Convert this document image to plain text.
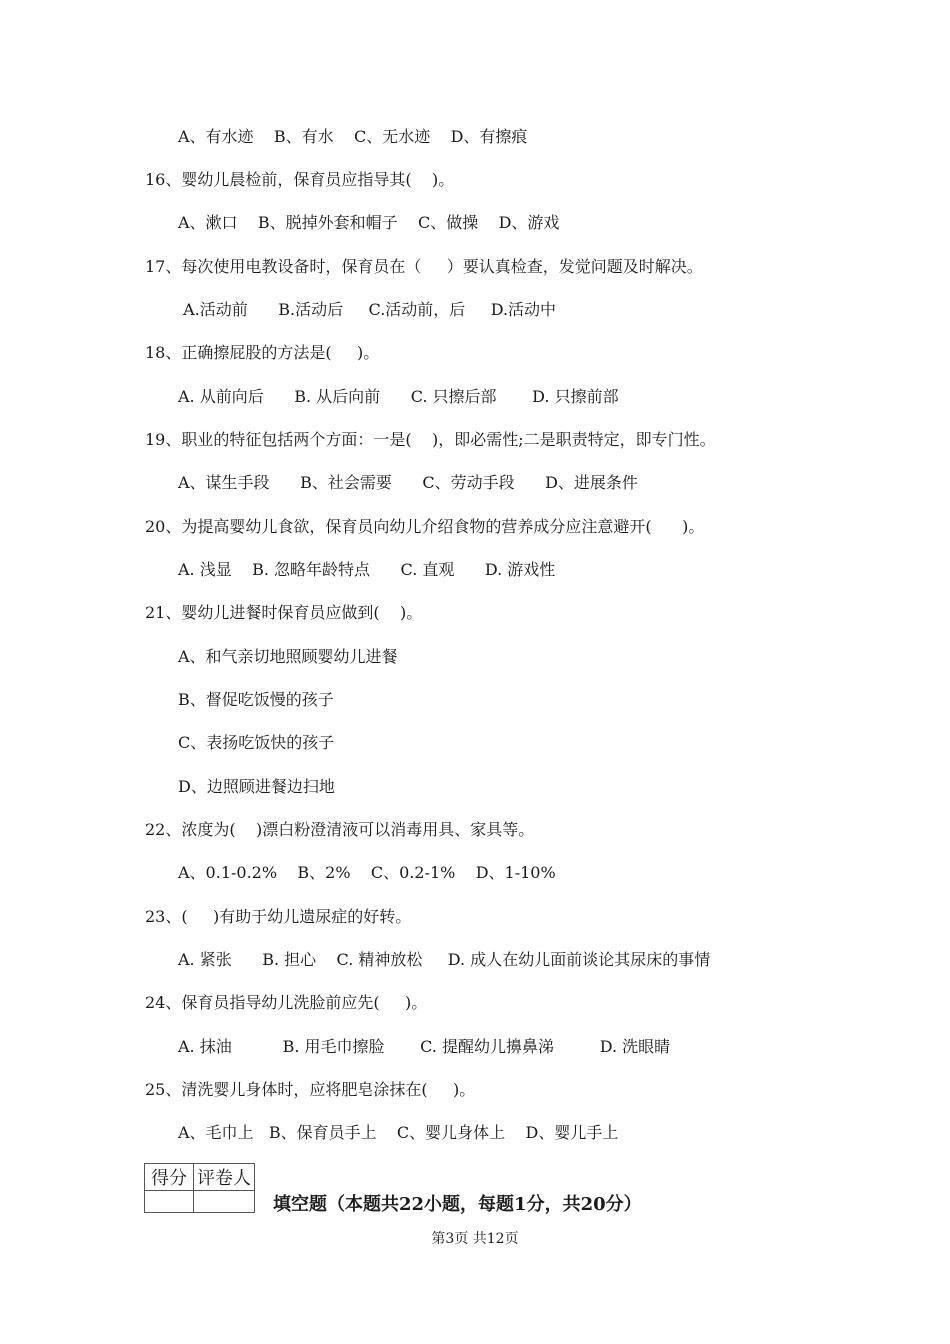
A、有水迹    B、有水    C、无水迹    D、有擦痕
16、婴幼儿晨检前，保育员应指导其(    )。
A、漱口    B、脱掉外套和帽子    C、做操    D、游戏
17、每次使用电教设备时，保育员在（     ）要认真检查，发觉问题及时解决。
A.活动前      B.活动后     C.活动前，后     D.活动中
18、正确擦屁股的方法是(     )。
A. 从前向后      B. 从后向前      C. 只擦后部       D. 只擦前部
19、职业的特征包括两个方面：一是(    )，即必需性;二是职责特定，即专门性。
A、谋生手段      B、社会需要      C、劳动手段      D、进展条件
20、为提高婴幼儿食欲，保育员向幼儿介绍食物的营养成分应注意避开(      )。
A. 浅显    B. 忽略年龄特点      C. 直观      D. 游戏性
21、婴幼儿进餐时保育员应做到(    )。
A、和气亲切地照顾婴幼儿进餐
B、督促吃饭慢的孩子
C、表扬吃饭快的孩子
D、边照顾进餐边扫地
22、浓度为(    )漂白粉澄清液可以消毒用具、家具等。
A、0.1-0.2%    B、2%    C、0.2-1%    D、1-10%
23、(     )有助于幼儿遗尿症的好转。
A. 紧张      B. 担心    C. 精神放松     D. 成人在幼儿面前谈论其尿床的事情
24、保育员指导幼儿洗脸前应先(     )。
A. 抹油          B. 用毛巾擦脸       C. 提醒幼儿擤鼻涕         D. 洗眼睛
25、清洗婴儿身体时，应将肥皂涂抹在(     )。
A、毛巾上   B、保育员手上    C、婴儿身体上    D、婴儿手上
得分	评卷人

填空题（本题共22小题，每题1分，共20分）
第3页 共12页
